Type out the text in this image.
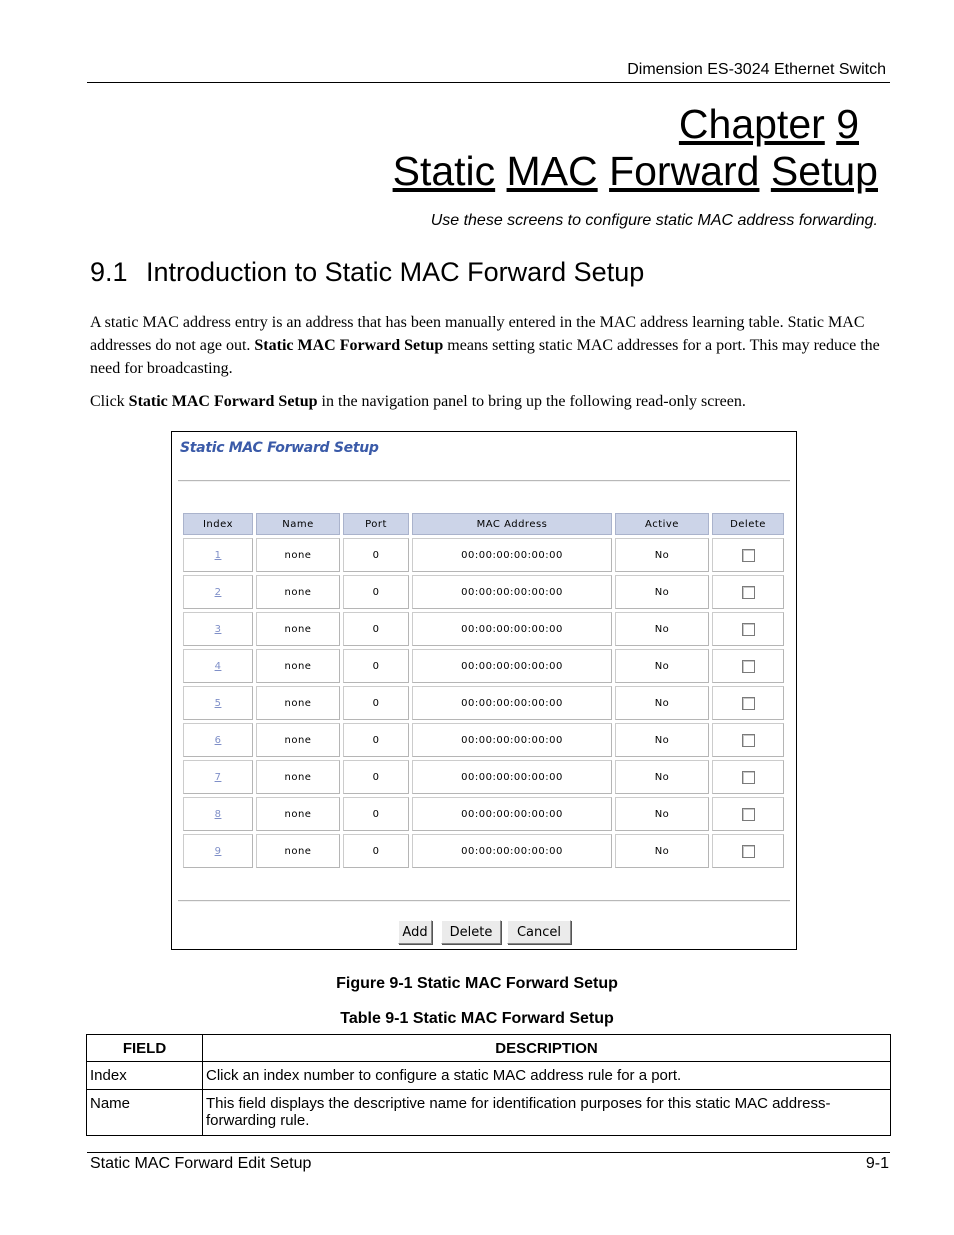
Dimension ES-3024 Ethernet Switch
Chapter 9
Static MAC Forward Setup
Use these screens to configure static MAC address forwarding.
9.1 Introduction to Static MAC Forward Setup
A static MAC address entry is an address that has been manually entered in the MAC address learning table. Static MAC addresses do not age out. Static MAC Forward Setup means setting static MAC addresses for a port. This may reduce the need for broadcasting.
Click Static MAC Forward Setup in the navigation panel to bring up the following read-only screen.
Static MAC Forward Setup
Index	Name	Port	MAC Address	Active	Delete
1	none	0	00:00:00:00:00:00	No	
2	none	0	00:00:00:00:00:00	No	
3	none	0	00:00:00:00:00:00	No	
4	none	0	00:00:00:00:00:00	No	
5	none	0	00:00:00:00:00:00	No	
6	none	0	00:00:00:00:00:00	No	
7	none	0	00:00:00:00:00:00	No	
8	none	0	00:00:00:00:00:00	No	
9	none	0	00:00:00:00:00:00	No	
Add	Delete	Cancel
Figure 9-1 Static MAC Forward Setup
Table 9-1 Static MAC Forward Setup
FIELD	DESCRIPTION
Index	Click an index number to configure a static MAC address rule for a port.
Name	This field displays the descriptive name for identification purposes for this static MAC address-forwarding rule.
Static MAC Forward Edit Setup	9-1
